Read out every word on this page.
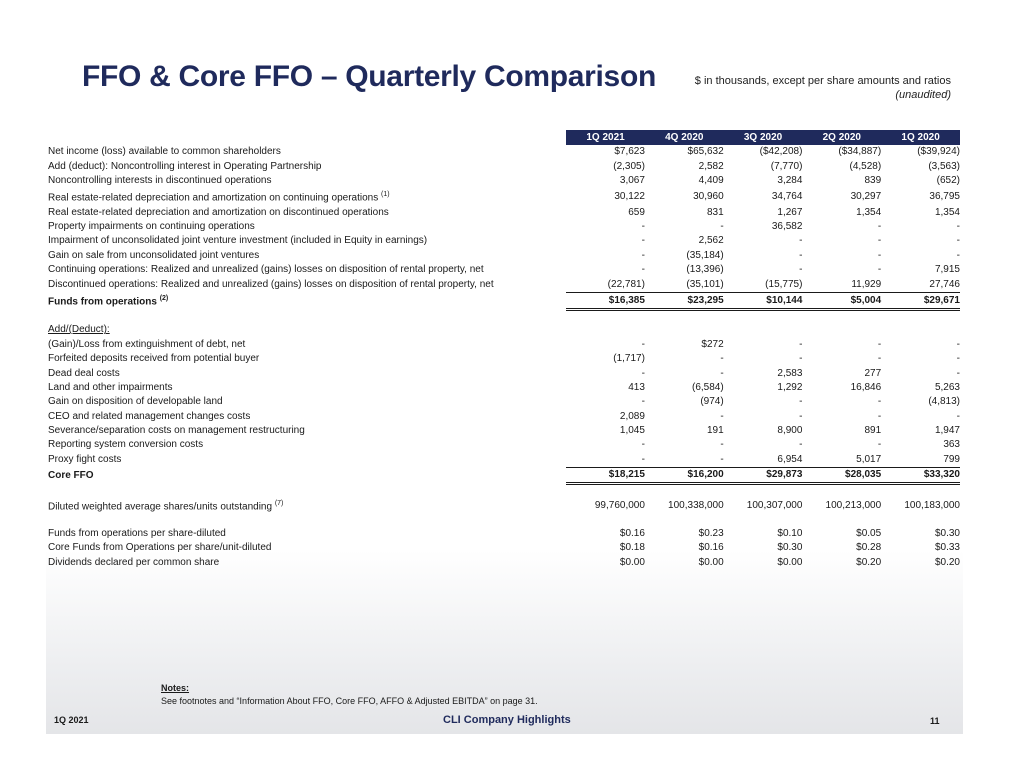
FFO & Core FFO – Quarterly Comparison	$ in thousands, except per share amounts and ratios
(unaudited)
	1Q 2021	4Q 2020	3Q 2020	2Q 2020	1Q 2020
Net income (loss) available to common shareholders	$7,623	$65,632	($42,208)	($34,887)	($39,924)
Add (deduct): Noncontrolling interest in Operating Partnership	(2,305)	2,582	(7,770)	(4,528)	(3,563)
Noncontrolling interests in discontinued operations	3,067	4,409	3,284	839	(652)
Real estate-related depreciation and amortization on continuing operations $^{(1)}$	30,122	30,960	34,764	30,297	36,795
Real estate-related depreciation and amortization on discontinued operations	659	831	1,267	1,354	1,354
Property impairments on continuing operations	-	-	36,582	-	-
Impairment of unconsolidated joint venture investment (included in Equity in earnings)	-	2,562	-	-	-
Gain on sale from unconsolidated joint ventures	-	(35,184)	-	-	-
Continuing operations: Realized and unrealized (gains) losses on disposition of rental property, net	-	(13,396)	-	-	7,915
Discontinued operations: Realized and unrealized (gains) losses on disposition of rental property, net	(22,781)	(35,101)	(15,775)	11,929	27,746
Funds from operations $^{(2)}$	$16,385	$23,295	$10,144	$5,004	$29,671

Add/(Deduct):					
(Gain)/Loss from extinguishment of debt, net	-	$272	-	-	-
Forfeited deposits received from potential buyer	(1,717)	-	-	-	-
Dead deal costs	-	-	2,583	277	-
Land and other impairments	413	(6,584)	1,292	16,846	5,263
Gain on disposition of developable land	-	(974)	-	-	(4,813)
CEO and related management changes costs	2,089	-	-	-	-
Severance/separation costs on management restructuring	1,045	191	8,900	891	1,947
Reporting system conversion costs	-	-	-	-	363
Proxy fight costs	-	-	6,954	5,017	799
Core FFO	$18,215	$16,200	$29,873	$28,035	$33,320

Diluted weighted average shares/units outstanding $^{(7)}$	99,760,000	100,338,000	100,307,000	100,213,000	100,183,000

Funds from operations per share-diluted	$0.16	$0.23	$0.10	$0.05	$0.30
Core Funds from Operations per share/unit-diluted	$0.18	$0.16	$0.30	$0.28	$0.33
Dividends declared per common share	$0.00	$0.00	$0.00	$0.20	$0.20
Notes:
See footnotes and “Information About FFO, Core FFO, AFFO & Adjusted EBITDA” on page 31.
1Q 2021	CLI Company Highlights	11
